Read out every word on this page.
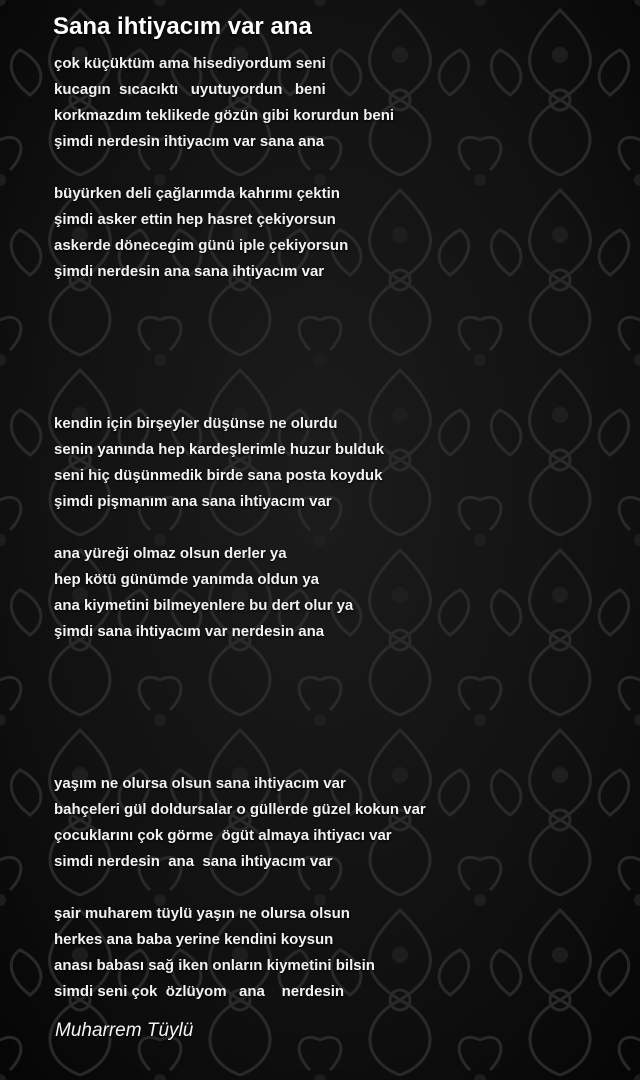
Sana ihtiyacım var ana
çok küçüktüm ama hisediyordum seni
kucagın  sıcacıktı   uyutuyordun   beni
korkmazdım teklikede gözün gibi korurdun beni
şimdi nerdesin ihtiyacım var sana ana
büyürken deli çağlarımda kahrımı çektin
şimdi asker ettin hep hasret çekiyorsun
askerde dönecegim günü iple çekiyorsun
şimdi nerdesin ana sana ihtiyacım var
kendin için birşeyler düşünse ne olurdu
senin yanında hep kardeşlerimle huzur bulduk
seni hiç düşünmedik birde sana posta koyduk
şimdi pişmanım ana sana ihtiyacım var
ana yüreği olmaz olsun derler ya
hep kötü günümde yanımda oldun ya
ana kiymetini bilmeyenlere bu dert olur ya
şimdi sana ihtiyacım var nerdesin ana
yaşım ne olursa olsun sana ihtiyacım var
bahçeleri gül doldursalar o güllerde güzel kokun var
çocuklarını çok görme  ögüt almaya ihtiyacı var
simdi nerdesin  ana  sana ihtiyacım var
şair muharem tüylü yaşın ne olursa olsun
herkes ana baba yerine kendini koysun
anası babası sağ iken onların kiymetini bilsin
simdi seni çok  özlüyom   ana    nerdesin
Muharrem Tüylü
